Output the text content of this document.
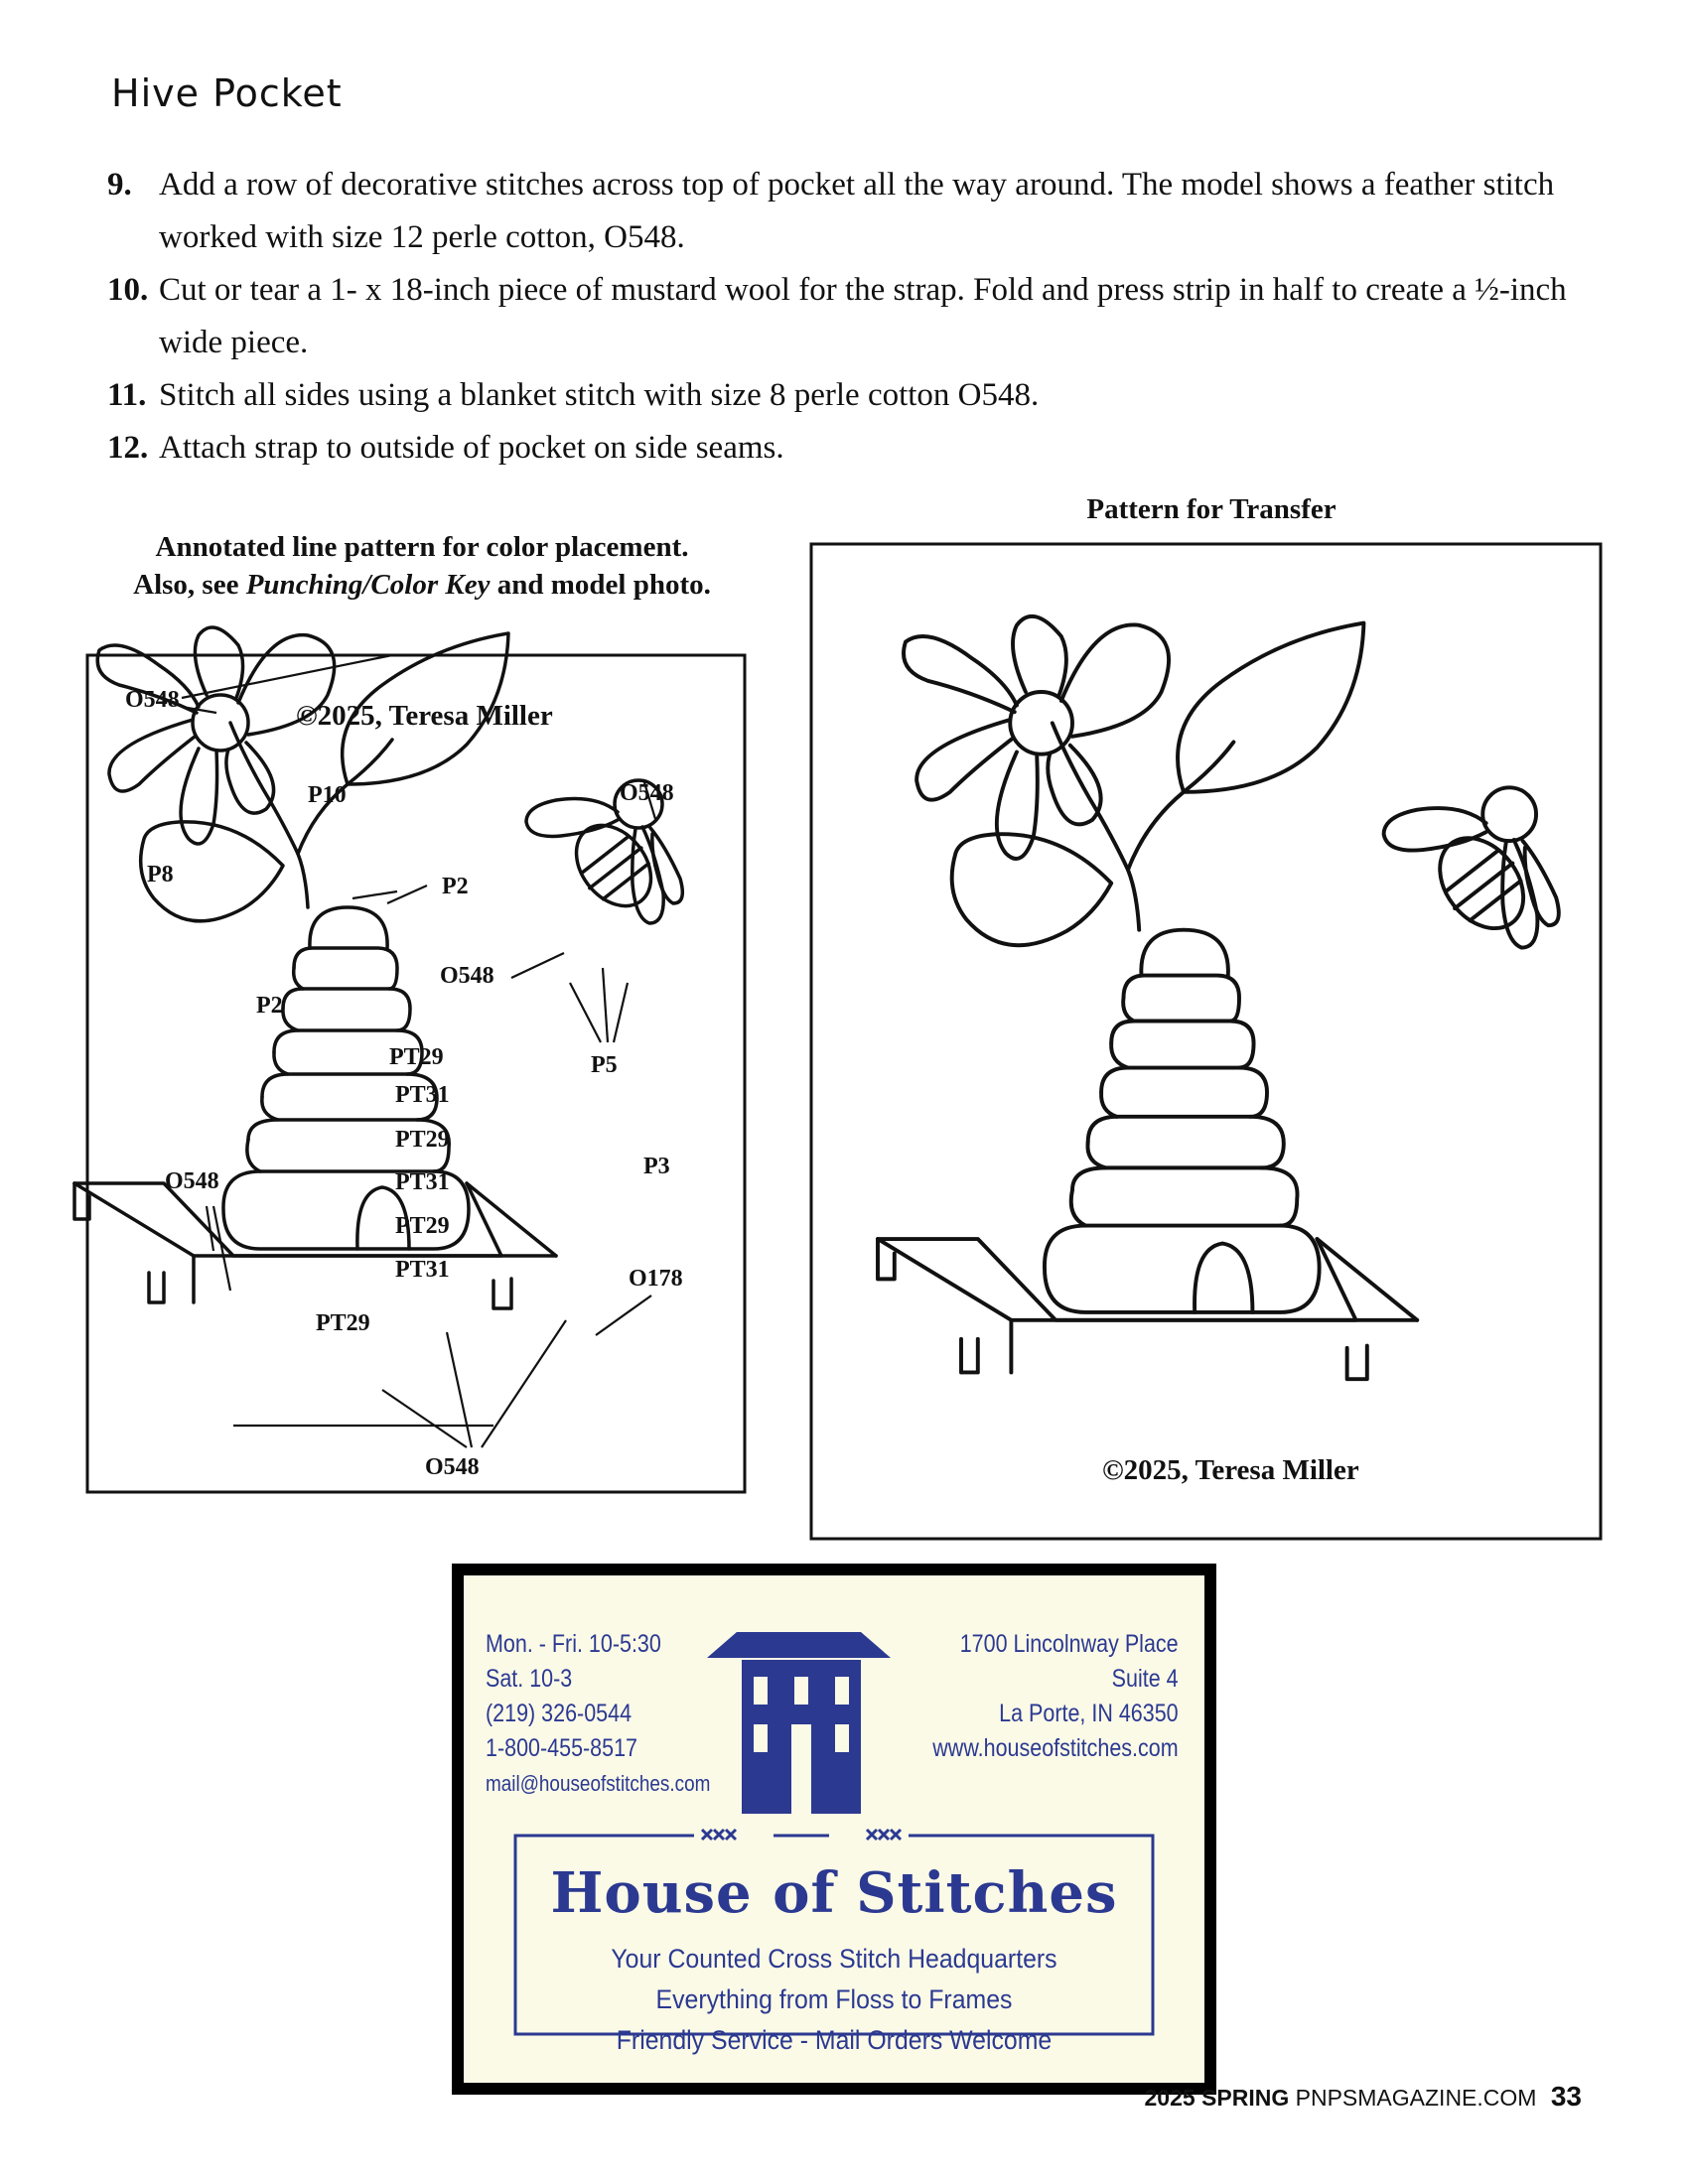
Hive Pocket
9. Add a row of decorative stitches across top of pocket all the way around. The model shows a feather stitch worked with size 12 perle cotton, O548.
10. Cut or tear a 1- x 18-inch piece of mustard wool for the strap. Fold and press strip in half to create a ½-inch wide piece.
11. Stitch all sides using a blanket stitch with size 8 perle cotton O548.
12. Attach strap to outside of pocket on side seams.
Annotated line pattern for color placement.
Also, see Punching/Color Key and model photo.
Pattern for Transfer
O548
P10
P8	P2
P2
O548
O548
P5
PT29
PT31
PT29
PT31
PT29
PT31
PT29
P3
O548
O178
O548
©2025, Teresa Miller
©2025, Teresa Miller
Mon. - Fri. 10-5:30
Sat. 10-3
(219) 326-0544
1-800-455-8517
mail@houseofstitches.com
1700 Lincolnway Place
Suite 4
La Porte, IN 46350
www.houseofstitches.com
House of Stitches
Your Counted Cross Stitch Headquarters
Everything from Floss to Frames
Friendly Service - Mail Orders Welcome
2025 SPRING PNPSMAGAZINE.COM 33
